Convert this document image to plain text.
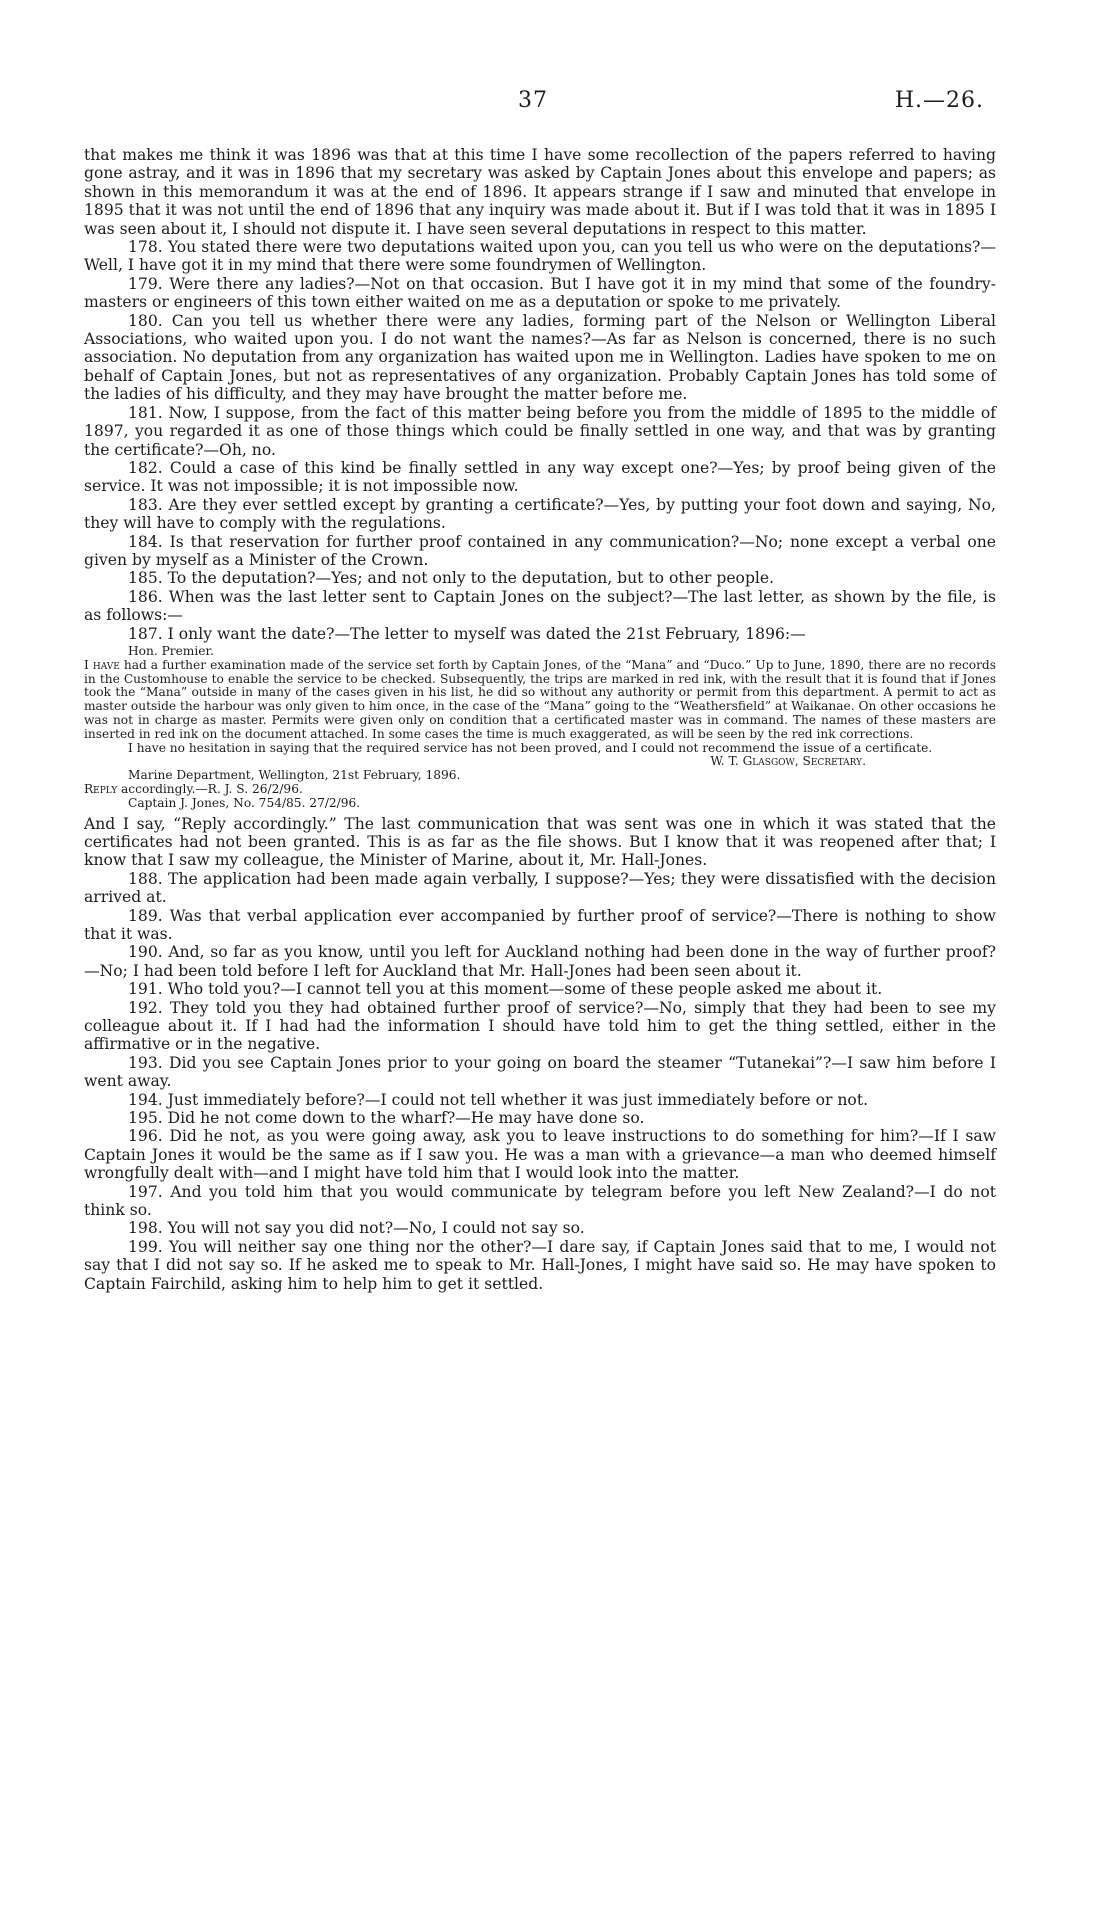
37	H.—26.

that makes me think it was 1896 was that at this time I have some recollection of the papers referred to having gone astray, and it was in 1896 that my secretary was asked by Captain Jones about this envelope and papers; as shown in this memorandum it was at the end of 1896. It appears strange if I saw and minuted that envelope in 1895 that it was not until the end of 1896 that any inquiry was made about it. But if I was told that it was in 1895 I was seen about it, I should not dispute it. I have seen several deputations in respect to this matter.

178. You stated there were two deputations waited upon you, can you tell us who were on the deputations?—Well, I have got it in my mind that there were some foundrymen of Wellington.

179. Were there any ladies?—Not on that occasion. But I have got it in my mind that some of the foundry-masters or engineers of this town either waited on me as a deputation or spoke to me privately.

180. Can you tell us whether there were any ladies, forming part of the Nelson or Wellington Liberal Associations, who waited upon you. I do not want the names?—As far as Nelson is concerned, there is no such association. No deputation from any organization has waited upon me in Wellington. Ladies have spoken to me on behalf of Captain Jones, but not as representatives of any organization. Probably Captain Jones has told some of the ladies of his difficulty, and they may have brought the matter before me.

181. Now, I suppose, from the fact of this matter being before you from the middle of 1895 to the middle of 1897, you regarded it as one of those things which could be finally settled in one way, and that was by granting the certificate?—Oh, no.

182. Could a case of this kind be finally settled in any way except one?—Yes; by proof being given of the service. It was not impossible; it is not impossible now.

183. Are they ever settled except by granting a certificate?—Yes, by putting your foot down and saying, No, they will have to comply with the regulations.

184. Is that reservation for further proof contained in any communication?—No; none except a verbal one given by myself as a Minister of the Crown.

185. To the deputation?—Yes; and not only to the deputation, but to other people.

186. When was the last letter sent to Captain Jones on the subject?—The last letter, as shown by the file, is as follows:—

187. I only want the date?—The letter to myself was dated the 21st February, 1896:—

Hon. Premier.

I have had a further examination made of the service set forth by Captain Jones, of the “Mana” and “Duco.” Up to June, 1890, there are no records in the Customhouse to enable the service to be checked. Subsequently, the trips are marked in red ink, with the result that it is found that if Jones took the “Mana” outside in many of the cases given in his list, he did so without any authority or permit from this department. A permit to act as master outside the harbour was only given to him once, in the case of the “Mana” going to the “Weathersfield” at Waikanae. On other occasions he was not in charge as master. Permits were given only on condition that a certificated master was in command. The names of these masters are inserted in red ink on the document attached. In some cases the time is much exaggerated, as will be seen by the red ink corrections.

I have no hesitation in saying that the required service has not been proved, and I could not recommend the issue of a certificate.

W. T. Glasgow, Secretary.

Marine Department, Wellington, 21st February, 1896.

Reply accordingly.—R. J. S. 26/2/96.

Captain J. Jones, No. 754/85. 27/2/96.

And I say, “Reply accordingly.” The last communication that was sent was one in which it was stated that the certificates had not been granted. This is as far as the file shows. But I know that it was reopened after that; I know that I saw my colleague, the Minister of Marine, about it, Mr. Hall-Jones.

188. The application had been made again verbally, I suppose?—Yes; they were dissatisfied with the decision arrived at.

189. Was that verbal application ever accompanied by further proof of service?—There is nothing to show that it was.

190. And, so far as you know, until you left for Auckland nothing had been done in the way of further proof?—No; I had been told before I left for Auckland that Mr. Hall-Jones had been seen about it.

191. Who told you?—I cannot tell you at this moment—some of these people asked me about it.

192. They told you they had obtained further proof of service?—No, simply that they had been to see my colleague about it. If I had had the information I should have told him to get the thing settled, either in the affirmative or in the negative.

193. Did you see Captain Jones prior to your going on board the steamer “Tutanekai”?—I saw him before I went away.

194. Just immediately before?—I could not tell whether it was just immediately before or not.

195. Did he not come down to the wharf?—He may have done so.

196. Did he not, as you were going away, ask you to leave instructions to do something for him?—If I saw Captain Jones it would be the same as if I saw you. He was a man with a grievance—a man who deemed himself wrongfully dealt with—and I might have told him that I would look into the matter.

197. And you told him that you would communicate by telegram before you left New Zealand?—I do not think so.

198. You will not say you did not?—No, I could not say so.

199. You will neither say one thing nor the other?—I dare say, if Captain Jones said that to me, I would not say that I did not say so. If he asked me to speak to Mr. Hall-Jones, I might have said so. He may have spoken to Captain Fairchild, asking him to help him to get it settled.
